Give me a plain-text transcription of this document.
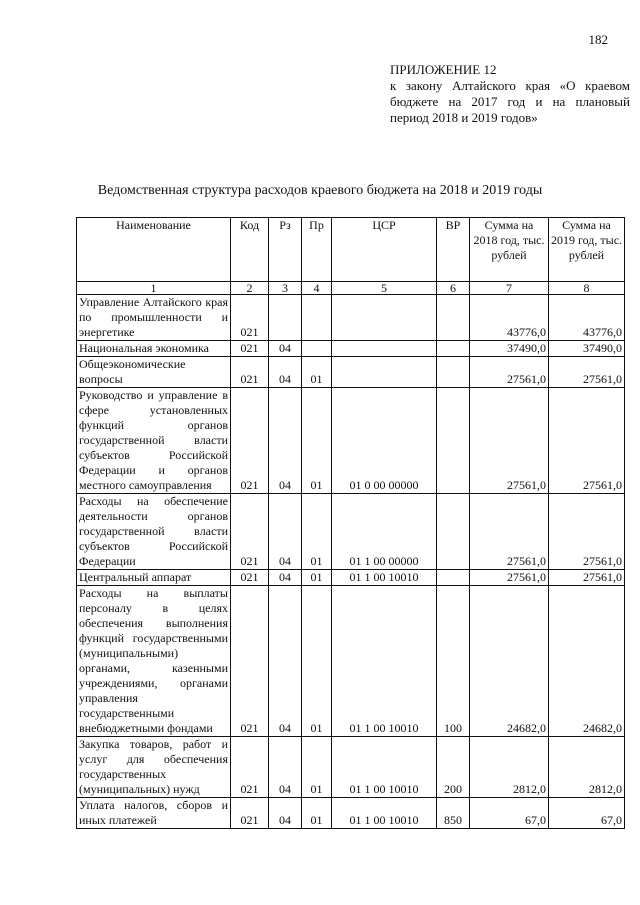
182
ПРИЛОЖЕНИЕ 12
к закону Алтайского края «О краевом бюджете на 2017 год и на плановый период 2018 и 2019 годов»
Ведомственная структура расходов краевого бюджета на 2018 и 2019 годы
Наименование	Код	Рз	Пр	ЦСР	ВР	Сумма на 2018 год, тыс. рублей	Сумма на 2019 год, тыс. рублей
1	2	3	4	5	6	7	8
Управление Алтайского края по промышленности и энергетике	021					43776,0	43776,0
Национальная экономика	021	04				37490,0	37490,0
Общеэкономические вопросы	021	04	01			27561,0	27561,0
Руководство и управление в сфере установленных функций органов государственной власти субъектов Российской Федерации и органов местного самоуправления	021	04	01	01 0 00 00000		27561,0	27561,0
Расходы на обеспечение деятельности органов государственной власти субъектов Российской Федерации	021	04	01	01 1 00 00000		27561,0	27561,0
Центральный аппарат	021	04	01	01 1 00 10010		27561,0	27561,0
Расходы на выплаты персоналу в целях обеспечения выполнения функций государственными (муниципальными) органами, казенными учреждениями, органами управления государственными внебюджетными фондами	021	04	01	01 1 00 10010	100	24682,0	24682,0
Закупка товаров, работ и услуг для обеспечения государственных (муниципальных) нужд	021	04	01	01 1 00 10010	200	2812,0	2812,0
Уплата налогов, сборов и иных платежей	021	04	01	01 1 00 10010	850	67,0	67,0
